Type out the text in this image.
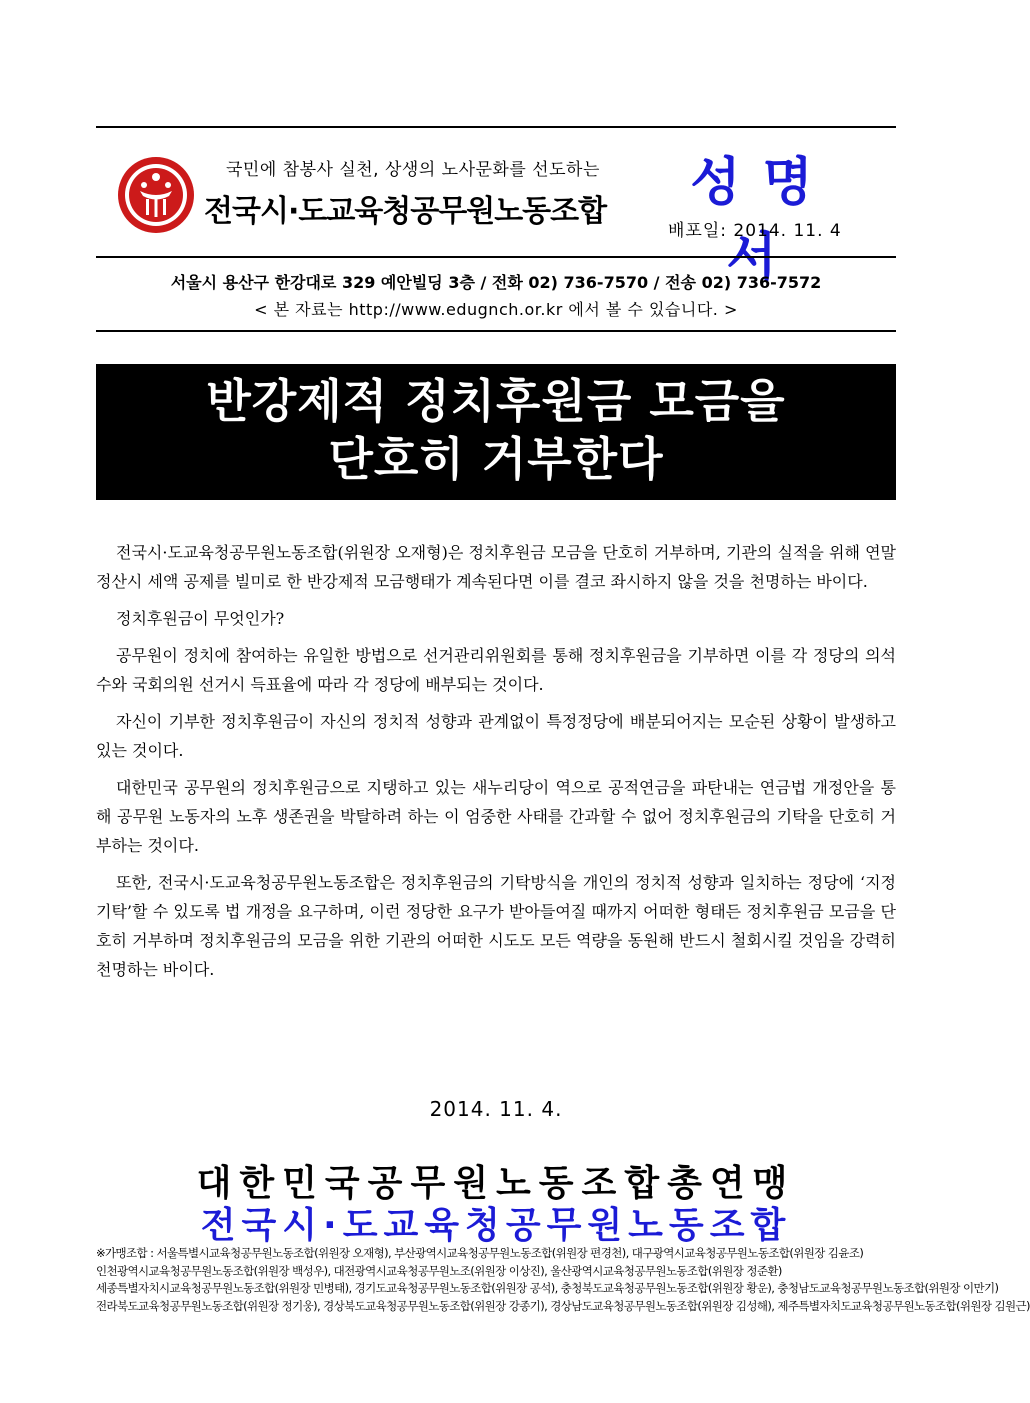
국민에 참봉사 실천, 상생의 노사문화를 선도하는
전국시·도교육청공무원노동조합	성명서
배포일: 2014. 11. 4
서울시 용산구 한강대로 329 예안빌딩 3층 / 전화 02) 736-7570 / 전송 02) 736-7572
< 본 자료는 http://www.edugnch.or.kr 에서 볼 수 있습니다. >
반강제적 정치후원금 모금을
단호히 거부한다

전국시·도교육청공무원노동조합(위원장 오재형)은 정치후원금 모금을 단호히 거부하며, 기관의 실적을 위해 연말정산시 세액 공제를 빌미로 한 반강제적 모금행태가 계속된다면 이를 결코 좌시하지 않을 것을 천명하는 바이다.

정치후원금이 무엇인가?

공무원이 정치에 참여하는 유일한 방법으로 선거관리위원회를 통해 정치후원금을 기부하면 이를 각 정당의 의석수와 국회의원 선거시 득표율에 따라 각 정당에 배부되는 것이다.

자신이 기부한 정치후원금이 자신의 정치적 성향과 관계없이 특정정당에 배분되어지는 모순된 상황이 발생하고 있는 것이다.

대한민국 공무원의 정치후원금으로 지탱하고 있는 새누리당이 역으로 공적연금을 파탄내는 연금법 개정안을 통해 공무원 노동자의 노후 생존권을 박탈하려 하는 이 엄중한 사태를 간과할 수 없어 정치후원금의 기탁을 단호히 거부하는 것이다.

또한, 전국시·도교육청공무원노동조합은 정치후원금의 기탁방식을 개인의 정치적 성향과 일치하는 정당에 ‘지정기탁’할 수 있도록 법 개정을 요구하며, 이런 정당한 요구가 받아들여질 때까지 어떠한 형태든 정치후원금 모금을 단호히 거부하며 정치후원금의 모금을 위한 기관의 어떠한 시도도 모든 역량을 동원해 반드시 철회시킬 것임을 강력히 천명하는 바이다.

2014. 11. 4.
대한민국공무원노동조합총연맹
전국시·도교육청공무원노동조합
※가맹조합 : 서울특별시교육청공무원노동조합(위원장 오재형), 부산광역시교육청공무원노동조합(위원장 편경천), 대구광역시교육청공무원노동조합(위원장 김윤조)
인천광역시교육청공무원노동조합(위원장 백성우), 대전광역시교육청공무원노조(위원장 이상진), 울산광역시교육청공무원노동조합(위원장 정준환)
세종특별자치시교육청공무원노동조합(위원장 민병태), 경기도교육청공무원노동조합(위원장 공석), 충청북도교육청공무원노동조합(위원장 황운), 충청남도교육청공무원노동조합(위원장 이만기)
전라북도교육청공무원노동조합(위원장 정기웅), 경상북도교육청공무원노동조합(위원장 강종기), 경상남도교육청공무원노동조합(위원장 김성해), 제주특별자치도교육청공무원노동조합(위원장 김원근)
